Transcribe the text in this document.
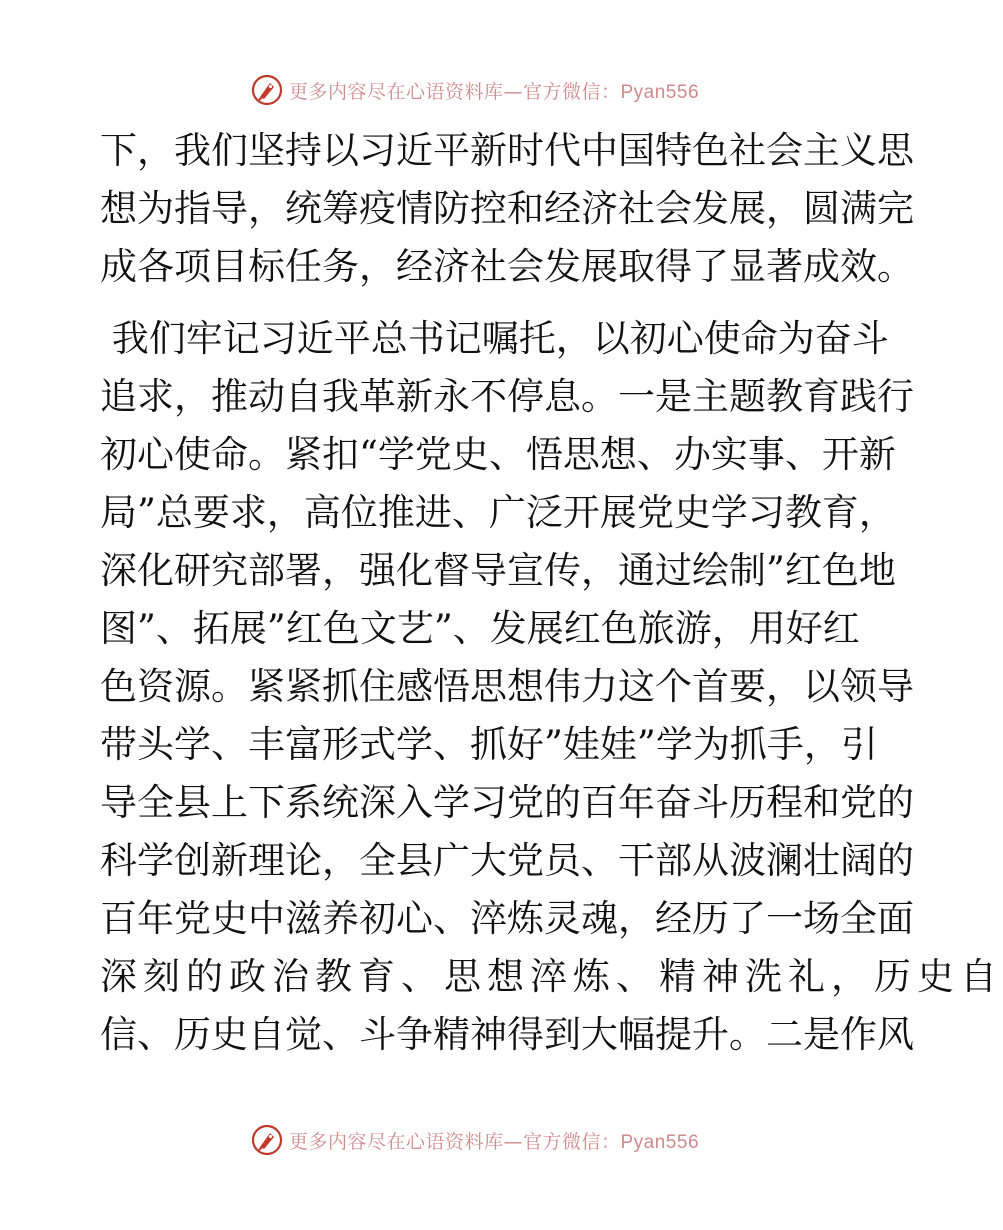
更多内容尽在心语资料库—官方微信：Pyan556
下，我们坚持以习近平新时代中国特色社会主义思
想为指导，统筹疫情防控和经济社会发展，圆满完
成各项目标任务，经济社会发展取得了显著成效。
我们牢记习近平总书记嘱托，以初心使命为奋斗
追求，推动自我革新永不停息。一是主题教育践行
初心使命。紧扣“学党史、悟思想、办实事、开新
局”总要求，高位推进、广泛开展党史学习教育，
深化研究部署，强化督导宣传，通过绘制”红色地
图”、拓展”红色文艺”、发展红色旅游，用好红
色资源。紧紧抓住感悟思想伟力这个首要，以领导
带头学、丰富形式学、抓好”娃娃”学为抓手，引
导全县上下系统深入学习党的百年奋斗历程和党的
科学创新理论，全县广大党员、干部从波澜壮阔的
百年党史中滋养初心、淬炼灵魂，经历了一场全面
深刻的政治教育、思想淬炼、精神洗礼，历史自
信、历史自觉、斗争精神得到大幅提升。二是作风
更多内容尽在心语资料库—官方微信：Pyan556
